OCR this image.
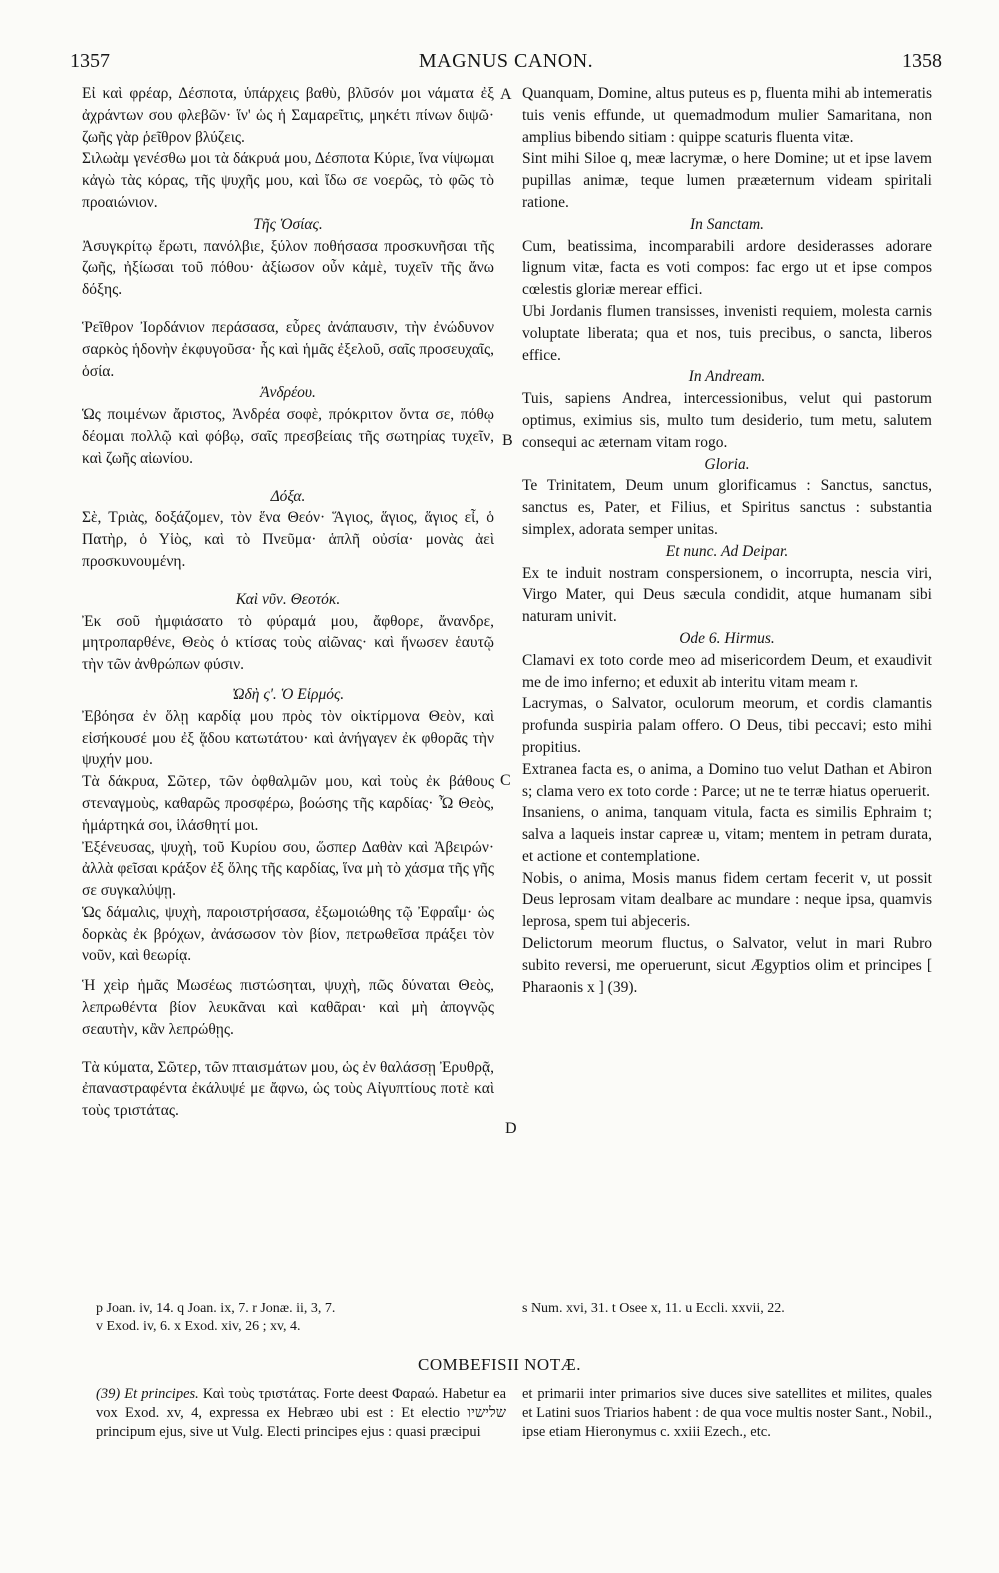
1357	MAGNUS CANON.	1358
A
B
C
D

Εἰ καὶ φρέαρ, Δέσποτα, ὑπάρχεις βαθὺ, βλῦσόν μοι νάματα ἐξ ἀχράντων σου φλεβῶν· ἵν' ὡς ἡ Σαμαρεῖτις, μηκέτι πίνων διψῶ· ζωῆς γὰρ ῥεῖθρον βλύζεις.

Σιλωὰμ γενέσθω μοι τὰ δάκρυά μου, Δέσποτα Κύριε, ἵνα νίψωμαι κἀγὼ τὰς κόρας, τῆς ψυχῆς μου, καὶ ἴδω σε νοερῶς, τὸ φῶς τὸ προαιώνιον.

Τῆς Ὁσίας.

Ἀσυγκρίτῳ ἔρωτι, πανόλβιε, ξύλον ποθήσασα προσκυνῆσαι τῆς ζωῆς, ἠξίωσαι τοῦ πόθου· ἀξίωσον οὖν κἀμὲ, τυχεῖν τῆς ἄνω δόξης.

Ῥεῖθρον Ἰορδάνιον περάσασα, εὗρες ἀνάπαυσιν, τὴν ἐνώδυνον σαρκὸς ἡδονὴν ἐκφυγοῦσα· ἧς καὶ ἡμᾶς ἐξελοῦ, σαῖς προσευχαῖς, ὁσία.

Ἀνδρέου.

Ὡς ποιμένων ἄριστος, Ἀνδρέα σοφὲ, πρόκριτον ὄντα σε, πόθῳ δέομαι πολλῷ καὶ φόβῳ, σαῖς πρεσβείαις τῆς σωτηρίας τυχεῖν, καὶ ζωῆς αἰωνίου.

Δόξα.

Σὲ, Τριὰς, δοξάζομεν, τὸν ἕνα Θεόν· Ἅγιος, ἅγιος, ἅγιος εἶ, ὁ Πατὴρ, ὁ Υἱὸς, καὶ τὸ Πνεῦμα· ἁπλῆ οὐσία· μονὰς ἀεὶ προσκυνουμένη.

Καὶ νῦν. Θεοτόκ.

Ἐκ σοῦ ἠμφιάσατο τὸ φύραμά μου, ἄφθορε, ἄνανδρε, μητροπαρθένε, Θεὸς ὁ κτίσας τοὺς αἰῶνας· καὶ ἥνωσεν ἑαυτῷ τὴν τῶν ἀνθρώπων φύσιν.

Ὠδὴ ς'. Ὁ Εἱρμός.

Ἐβόησα ἐν ὅλῃ καρδίᾳ μου πρὸς τὸν οἰκτίρμονα Θεὸν, καὶ εἰσήκουσέ μου ἐξ ᾅδου κατωτάτου· καὶ ἀνήγαγεν ἐκ φθορᾶς τὴν ψυχήν μου.

Τὰ δάκρυα, Σῶτερ, τῶν ὀφθαλμῶν μου, καὶ τοὺς ἐκ βάθους στεναγμοὺς, καθαρῶς προσφέρω, βοώσης τῆς καρδίας· Ὦ Θεὸς, ἡμάρτηκά σοι, ἱλάσθητί μοι.

Ἐξένευσας, ψυχὴ, τοῦ Κυρίου σου, ὥσπερ Δαθὰν καὶ Ἀβειρών· ἀλλὰ φεῖσαι κράξον ἐξ ὅλης τῆς καρδίας, ἵνα μὴ τὸ χάσμα τῆς γῆς σε συγκαλύψῃ.

Ὡς δάμαλις, ψυχὴ, παροιστρήσασα, ἐξωμοιώθης τῷ Ἐφραΐμ· ὡς δορκὰς ἐκ βρόχων, ἀνάσωσον τὸν βίον, πετρωθεῖσα πράξει τὸν νοῦν, καὶ θεωρίᾳ.

Ἡ χεὶρ ἡμᾶς Μωσέως πιστώσηται, ψυχὴ, πῶς δύναται Θεὸς, λεπρωθέντα βίον λευκᾶναι καὶ καθᾶραι· καὶ μὴ ἀπογνῷς σεαυτὴν, κἂν λεπρώθῃς.

Τὰ κύματα, Σῶτερ, τῶν πταισμάτων μου, ὡς ἐν θαλάσσῃ Ἐρυθρᾷ, ἐπαναστραφέντα ἐκάλυψέ με ἄφνω, ὡς τοὺς Αἰγυπτίους ποτὲ καὶ τοὺς τριστάτας.

Quanquam, Domine, altus puteus es p, fluenta mihi ab intemeratis tuis venis effunde, ut quemadmodum mulier Samaritana, non amplius bibendo sitiam : quippe scaturis fluenta vitæ.

Sint mihi Siloe q, meæ lacrymæ, o here Domine; ut et ipse lavem pupillas animæ, teque lumen prææternum videam spiritali ratione.

In Sanctam.

Cum, beatissima, incomparabili ardore desiderasses adorare lignum vitæ, facta es voti compos: fac ergo ut et ipse compos cœlestis gloriæ merear effici.

Ubi Jordanis flumen transisses, invenisti requiem, molesta carnis voluptate liberata; qua et nos, tuis precibus, o sancta, liberos effice.

In Andream.

Tuis, sapiens Andrea, intercessionibus, velut qui pastorum optimus, eximius sis, multo tum desiderio, tum metu, salutem consequi ac æternam vitam rogo.

Gloria.

Te Trinitatem, Deum unum glorificamus : Sanctus, sanctus, sanctus es, Pater, et Filius, et Spiritus sanctus : substantia simplex, adorata semper unitas.

Et nunc. Ad Deipar.

Ex te induit nostram conspersionem, o incorrupta, nescia viri, Virgo Mater, qui Deus sæcula condidit, atque humanam sibi naturam univit.

Ode 6. Hirmus.

Clamavi ex toto corde meo ad misericordem Deum, et exaudivit me de imo inferno; et eduxit ab interitu vitam meam r.

Lacrymas, o Salvator, oculorum meorum, et cordis clamantis profunda suspiria palam offero. O Deus, tibi peccavi; esto mihi propitius.

Extranea facta es, o anima, a Domino tuo velut Dathan et Abiron s; clama vero ex toto corde : Parce; ut ne te terræ hiatus operuerit.

Insaniens, o anima, tanquam vitula, facta es similis Ephraim t; salva a laqueis instar capreæ u, vitam; mentem in petram durata, et actione et contemplatione.

Nobis, o anima, Mosis manus fidem certam fecerit v, ut possit Deus leprosam vitam dealbare ac mundare : neque ipsa, quamvis leprosa, spem tui abjeceris.

Delictorum meorum fluctus, o Salvator, velut in mari Rubro subito reversi, me operuerunt, sicut Ægyptios olim et principes [ Pharaonis x ] (39).

p Joan. iv, 14. q Joan. ix, 7. r Jonæ. ii, 3, 7.
v Exod. iv, 6. x Exod. xiv, 26 ; xv, 4.
s Num. xvi, 31. t Osee x, 11. u Eccli. xxvii, 22.
COMBEFISII NOTÆ.

(39) Et principes. Καὶ τοὺς τριστάτας. Forte deest Φαραώ. Habetur ea vox Exod. xv, 4, expressa ex Hebræo ubi est : Et electio שלישיו principum ejus, sive ut Vulg. Electi principes ejus : quasi præcipui

et primarii inter primarios sive duces sive satellites et milites, quales et Latini suos Triarios habent : de qua voce multis noster Sant., Nobil., ipse etiam Hieronymus c. xxiii Ezech., etc.
